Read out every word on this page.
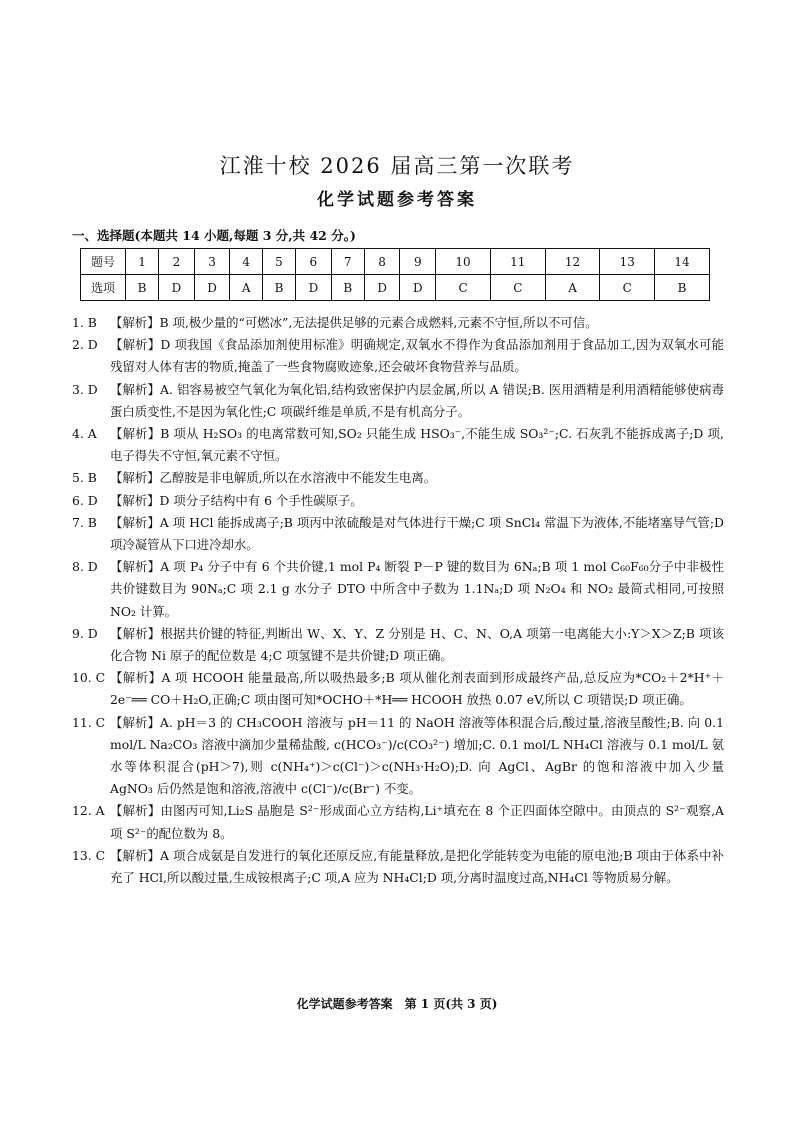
江淮十校 2026 届高三第一次联考
化学试题参考答案
一、选择题(本题共 14 小题,每题 3 分,共 42 分。)
题号	1	2	3	4	5	6	7	8	9	10	11	12	13	14
选项	B	D	D	A	B	D	B	D	D	C	C	A	C	B
1. B	【解析】B 项,极少量的“可燃冰”,无法提供足够的元素合成燃料,元素不守恒,所以不可信。
2. D 【解析】D 项我国《食品添加剂使用标准》明确规定,双氧水不得作为食品添加剂用于食品加工,因为双氧水可能残留对人体有害的物质,掩盖了一些食物腐败迹象,还会破坏食物营养与品质。
3. D 【解析】A. 铝容易被空气氧化为氧化铝,结构致密保护内层金属,所以 A 错误;B. 医用酒精是利用酒精能够使病毒蛋白质变性,不是因为氧化性;C 项碳纤维是单质,不是有机高分子。
4. A	【解析】B 项从 H₂SO₃ 的电离常数可知,SO₂ 只能生成 HSO₃⁻,不能生成 SO₃²⁻;C. 石灰乳不能拆成离子;D 项,电子得失不守恒,氧元素不守恒。
5. B	【解析】乙醇胺是非电解质,所以在水溶液中不能发生电离。
6. D 【解析】D 项分子结构中有 6 个手性碳原子。
7. B	【解析】A 项 HCl 能拆成离子;B 项丙中浓硫酸是对气体进行干燥;C 项 SnCl₄ 常温下为液体,不能堵塞导气管;D 项冷凝管从下口进冷却水。
8. D 【解析】A 项 P₄ 分子中有 6 个共价键,1 mol P₄ 断裂 P－P 键的数目为 6Nₐ;B 项 1 mol C₆₀F₆₀分子中非极性共价键数目为 90Nₐ;C 项 2.1 g 水分子 DTO 中所含中子数为 1.1Nₐ;D 项 N₂O₄ 和 NO₂ 最简式相同,可按照 NO₂ 计算。
9. D 【解析】根据共价键的特征,判断出 W、X、Y、Z 分别是 H、C、N、O,A 项第一电离能大小:Y＞X＞Z;B 项该化合物 Ni 原子的配位数是 4;C 项氢键不是共价键;D 项正确。
10. C 【解析】A 项 HCOOH 能量最高,所以吸热最多;B 项从催化剂表面到形成最终产品,总反应为*CO₂＋2*H⁺＋2e⁻══ CO＋H₂O,正确;C 项由图可知*OCHO＋*H══ HCOOH 放热 0.07 eV,所以 C 项错误;D 项正确。
11. C 【解析】A. pH＝3 的 CH₃COOH 溶液与 pH＝11 的 NaOH 溶液等体积混合后,酸过量,溶液呈酸性;B. 向 0.1 mol/L Na₂CO₃ 溶液中滴加少量稀盐酸, c(HCO₃⁻)/c(CO₃²⁻) 增加;C. 0.1 mol/L NH₄Cl 溶液与 0.1 mol/L 氨水等体积混合(pH＞7),则 c(NH₄⁺)＞c(Cl⁻)＞c(NH₃·H₂O);D. 向 AgCl、AgBr 的饱和溶液中加入少量 AgNO₃ 后仍然是饱和溶液,溶液中 c(Cl⁻)/c(Br⁻) 不变。
12. A 【解析】由图丙可知,Li₂S 晶胞是 S²⁻形成面心立方结构,Li⁺填充在 8 个正四面体空隙中。由顶点的 S²⁻观察,A 项 S²⁻的配位数为 8。
13. C 【解析】A 项合成氨是自发进行的氧化还原反应,有能量释放,是把化学能转变为电能的原电池;B 项由于体系中补充了 HCl,所以酸过量,生成铵根离子;C 项,A 应为 NH₄Cl;D 项,分离时温度过高,NH₄Cl 等物质易分解。
化学试题参考答案　第 1 页(共 3 页)
